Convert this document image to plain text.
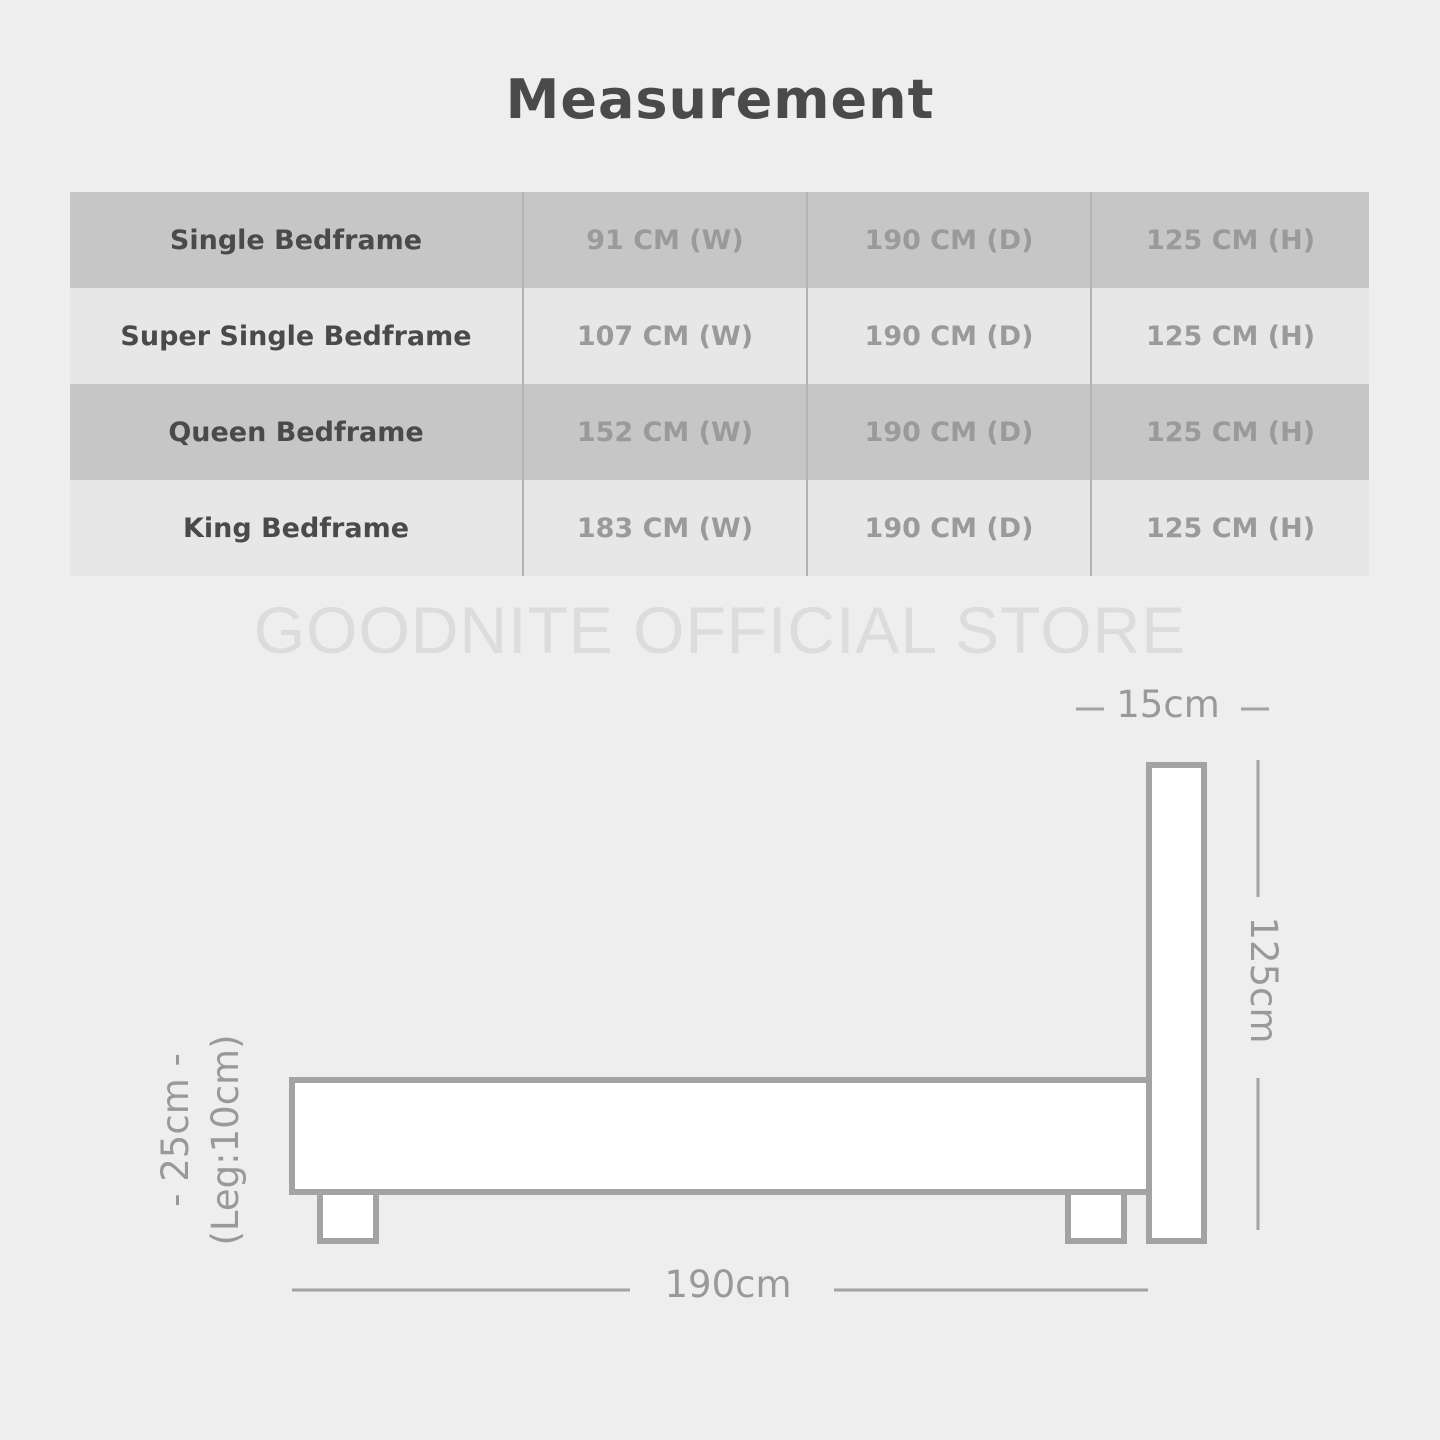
Measurement
Single Bedframe	91 CM (W)	190 CM (D)	125 CM (H)
Super Single Bedframe	107 CM (W)	190 CM (D)	125 CM (H)
Queen Bedframe	152 CM (W)	190 CM (D)	125 CM (H)
King Bedframe	183 CM (W)	190 CM (D)	125 CM (H)
GOODNITE OFFICIAL STORE
15cm
125cm
- 25cm - (Leg:10cm)
190cm
